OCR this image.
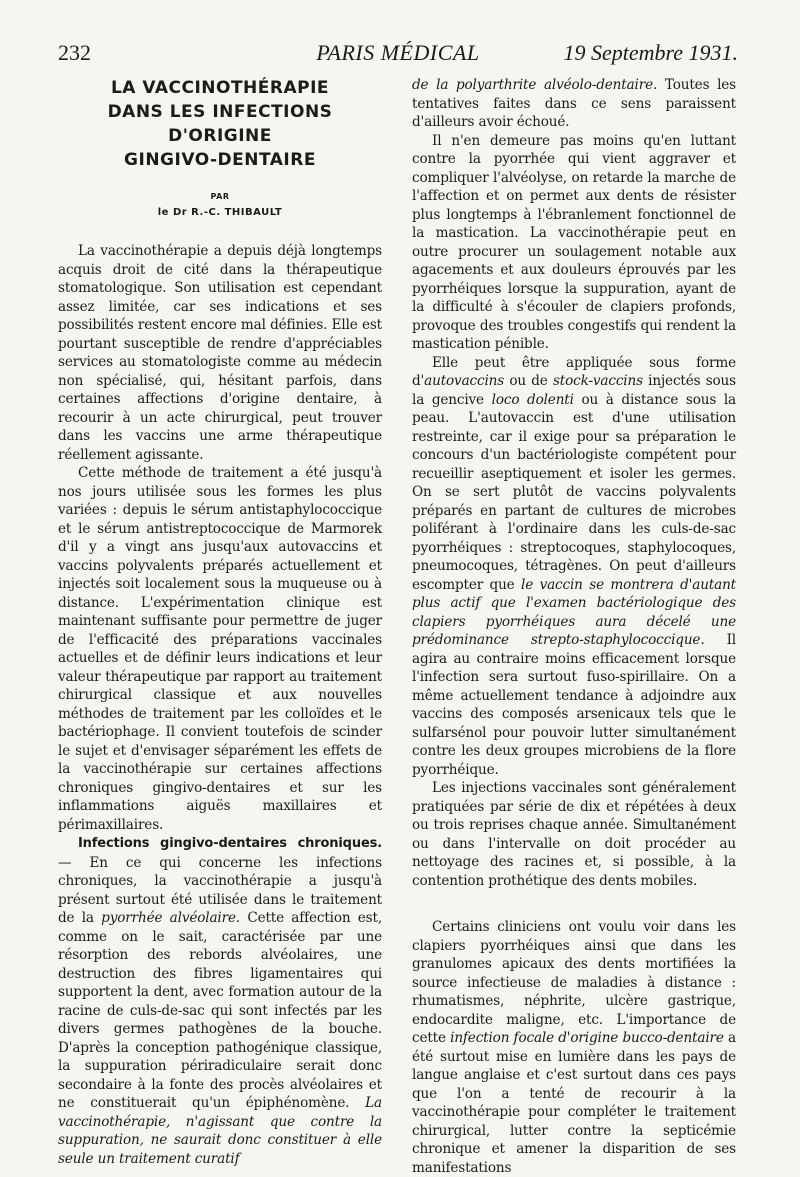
PARIS MÉDICAL
232	19 Septembre 1931.
LA VACCINOTHÉRAPIE
DANS LES INFECTIONS
D'ORIGINE
GINGIVO-DENTAIRE
PAR
le Dr R.-C. THIBAULT

La vaccinothérapie a depuis déjà longtemps acquis droit de cité dans la thérapeutique stomatologique. Son utilisation est cependant assez limitée, car ses indications et ses possibilités restent encore mal définies. Elle est pourtant susceptible de rendre d'appréciables services au stomatologiste comme au médecin non spécialisé, qui, hésitant parfois, dans certaines affections d'origine dentaire, à recourir à un acte chirurgical, peut trouver dans les vaccins une arme thérapeutique réellement agissante.

Cette méthode de traitement a été jusqu'à nos jours utilisée sous les formes les plus variées : depuis le sérum antistaphylococcique et le sérum antistreptococcique de Marmorek d'il y a vingt ans jusqu'aux autovaccins et vaccins polyvalents préparés actuellement et injectés soit localement sous la muqueuse ou à distance. L'expérimentation clinique est maintenant suffisante pour permettre de juger de l'efficacité des préparations vaccinales actuelles et de définir leurs indications et leur valeur thérapeutique par rapport au traitement chirurgical classique et aux nouvelles méthodes de traitement par les colloïdes et le bactériophage. Il convient toutefois de scinder le sujet et d'envisager séparément les effets de la vaccinothérapie sur certaines affections chroniques gingivo-dentaires et sur les inflammations aiguës maxillaires et périmaxillaires.

Infections gingivo-dentaires chroniques. — En ce qui concerne les infections chroniques, la vaccinothérapie a jusqu'à présent surtout été utilisée dans le traitement de la pyorrhée alvéolaire. Cette affection est, comme on le sait, caractérisée par une résorption des rebords alvéolaires, une destruction des fibres ligamentaires qui supportent la dent, avec formation autour de la racine de culs-de-sac qui sont infectés par les divers germes pathogènes de la bouche. D'après la conception pathogénique classique, la suppuration périradiculaire serait donc secondaire à la fonte des procès alvéolaires et ne constituerait qu'un épiphénomène. La vaccinothérapie, n'agissant que contre la suppuration, ne saurait donc constituer à elle seule un traitement curatif

de la polyarthrite alvéolo-dentaire. Toutes les tentatives faites dans ce sens paraissent d'ailleurs avoir échoué.

Il n'en demeure pas moins qu'en luttant contre la pyorrhée qui vient aggraver et compliquer l'alvéolyse, on retarde la marche de l'affection et on permet aux dents de résister plus longtemps à l'ébranlement fonctionnel de la mastication. La vaccinothérapie peut en outre procurer un soulagement notable aux agacements et aux douleurs éprouvés par les pyorrhéiques lorsque la suppuration, ayant de la difficulté à s'écouler de clapiers profonds, provoque des troubles congestifs qui rendent la mastication pénible.

Elle peut être appliquée sous forme d'autovaccins ou de stock-vaccins injectés sous la gencive loco dolenti ou à distance sous la peau. L'autovaccin est d'une utilisation restreinte, car il exige pour sa préparation le concours d'un bactériologiste compétent pour recueillir aseptiquement et isoler les germes. On se sert plutôt de vaccins polyvalents préparés en partant de cultures de microbes poliférant à l'ordinaire dans les culs-de-sac pyorrhéiques : streptocoques, staphylocoques, pneumocoques, tétragènes. On peut d'ailleurs escompter que le vaccin se montrera d'autant plus actif que l'examen bactériologique des clapiers pyorrhéiques aura décelé une prédominance strepto-staphylococcique. Il agira au contraire moins efficacement lorsque l'infection sera surtout fuso-spirillaire. On a même actuellement tendance à adjoindre aux vaccins des composés arsenicaux tels que le sulfarsénol pour pouvoir lutter simultanément contre les deux groupes microbiens de la flore pyorrhéique.

Les injections vaccinales sont généralement pratiquées par série de dix et répétées à deux ou trois reprises chaque année. Simultanément ou dans l'intervalle on doit procéder au nettoyage des racines et, si possible, à la contention prothétique des dents mobiles.

Certains cliniciens ont voulu voir dans les clapiers pyorrhéiques ainsi que dans les granulomes apicaux des dents mortifiées la source infectieuse de maladies à distance : rhumatismes, néphrite, ulcère gastrique, endocardite maligne, etc. L'importance de cette infection focale d'origine bucco-dentaire a été surtout mise en lumière dans les pays de langue anglaise et c'est surtout dans ces pays que l'on a tenté de recourir à la vaccinothérapie pour compléter le traitement chirurgical, lutter contre la septicémie chronique et amener la disparition de ses manifestations
